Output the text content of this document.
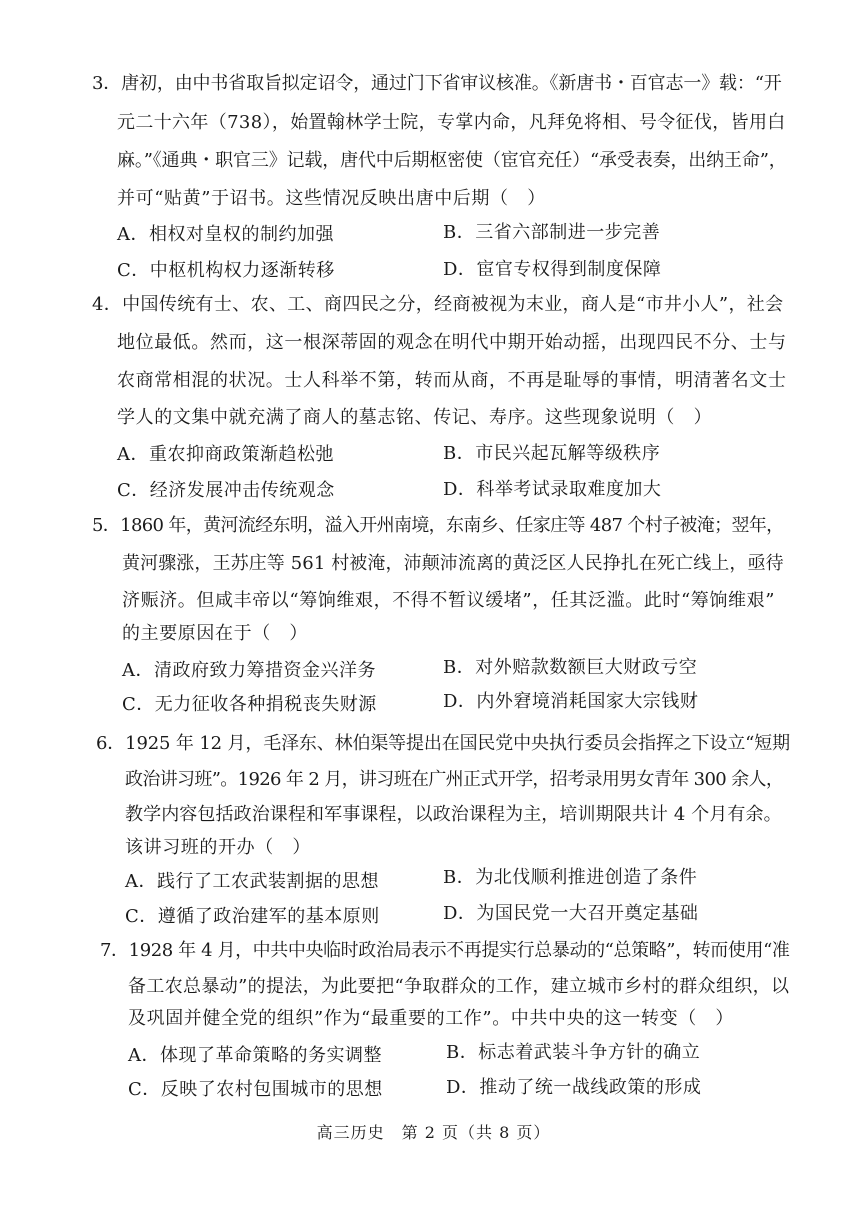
3．唐初，由中书省取旨拟定诏令，通过门下省审议核准。《新唐书・百官志一》载：“开
元二十六年（738），始置翰林学士院，专掌内命，凡拜免将相、号令征伐，皆用白
麻。”《通典・职官三》记载，唐代中后期枢密使（宦官充任）“承受表奏，出纳王命”，
并可“贴黄”于诏书。这些情况反映出唐中后期（　）
A．相权对皇权的制约加强	B．三省六部制进一步完善
C．中枢机构权力逐渐转移	D．宦官专权得到制度保障
4．中国传统有士、农、工、商四民之分，经商被视为末业，商人是“市井小人”，社会
地位最低。然而，这一根深蒂固的观念在明代中期开始动摇，出现四民不分、士与
农商常相混的状况。士人科举不第，转而从商，不再是耻辱的事情，明清著名文士
学人的文集中就充满了商人的墓志铭、传记、寿序。这些现象说明（　）
A．重农抑商政策渐趋松弛	B．市民兴起瓦解等级秩序
C．经济发展冲击传统观念	D．科举考试录取难度加大
5．1860 年，黄河流经东明，溢入开州南境，东南乡、任家庄等 487 个村子被淹；翌年，
黄河骤涨，王苏庄等 561 村被淹，沛颠沛流离的黄泛区人民挣扎在死亡线上，亟待
济赈济。但咸丰帝以“筹饷维艰，不得不暂议缓堵”，任其泛滥。此时“筹饷维艰”
的主要原因在于（　）
A．清政府致力筹措资金兴洋务	B．对外赔款数额巨大财政亏空
C．无力征收各种捐税丧失财源	D．内外窘境消耗国家大宗钱财
6．1925 年 12 月，毛泽东、林伯渠等提出在国民党中央执行委员会指挥之下设立“短期
政治讲习班”。1926 年 2 月，讲习班在广州正式开学，招考录用男女青年 300 余人，
教学内容包括政治课程和军事课程，以政治课程为主，培训期限共计 4 个月有余。
该讲习班的开办（　）
A．践行了工农武装割据的思想	B．为北伐顺利推进创造了条件
C．遵循了政治建军的基本原则	D．为国民党一大召开奠定基础
7．1928 年 4 月，中共中央临时政治局表示不再提实行总暴动的“总策略”，转而使用“准
备工农总暴动”的提法，为此要把“争取群众的工作，建立城市乡村的群众组织，以
及巩固并健全党的组织”作为“最重要的工作”。中共中央的这一转变（　）
A．体现了革命策略的务实调整	B．标志着武装斗争方针的确立
C．反映了农村包围城市的思想	D．推动了统一战线政策的形成
高三历史　第 2 页（共 8 页）
